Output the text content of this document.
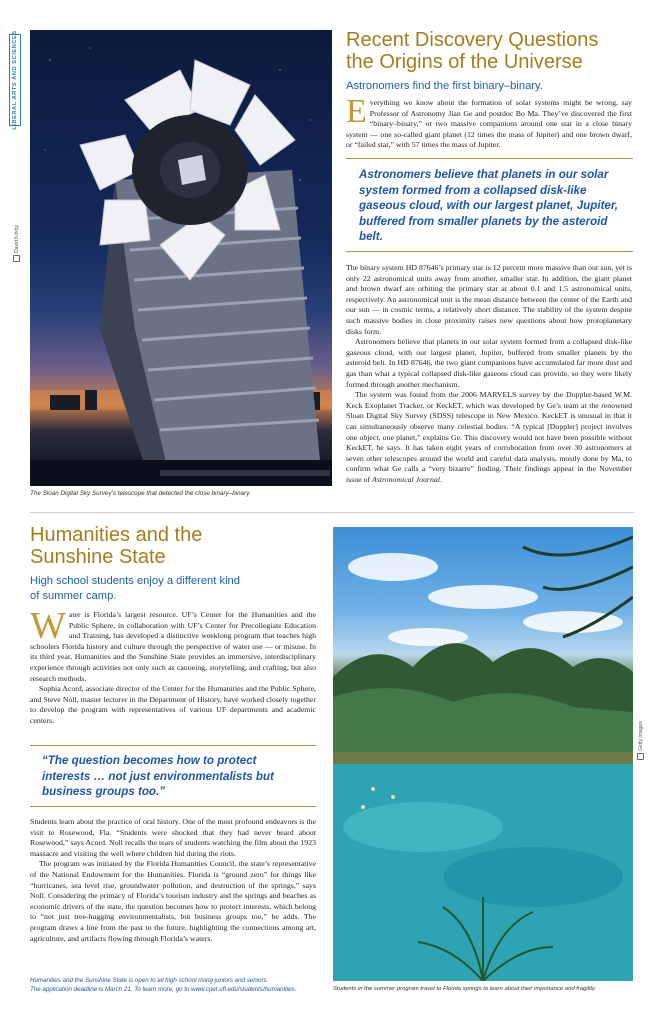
LIBERAL ARTS AND SCIENCES
David Kirkby
The Sloan Digital Sky Survey’s telescope that detected the close binary–binary.
Recent Discovery Questions
the Origins of the Universe
Astronomers find the first binary–binary.
Everything we know about the formation of solar systems might be wrong, say Professor of Astronomy Jian Ge and postdoc Bo Ma. They’ve discovered the first “binary–binary,” or two massive companions around one star in a close binary system — one so-called giant planet (12 times the mass of Jupiter) and one brown dwarf, or “failed star,” with 57 times the mass of Jupiter.
Astronomers believe that planets in our solar system formed from a collapsed disk-like gaseous cloud, with our largest planet, Jupiter, buffered from smaller planets by the asteroid belt.

The binary system HD 87646’s primary star is 12 percent more massive than our sun, yet is only 22 astronomical units away from another, smaller star. In addition, the giant planet and brown dwarf are orbiting the primary star at about 0.1 and 1.5 astronomical units, respectively. An astronomical unit is the mean distance between the center of the Earth and our sun — in cosmic terms, a relatively short distance. The stability of the system despite such massive bodies in close proximity raises new questions about how protoplanetary disks form.

Astronomers believe that planets in our solar system formed from a collapsed disk-like gaseous cloud, with our largest planet, Jupiter, buffered from smaller planets by the asteroid belt. In HD 87646, the two giant companions have accumulated far more dust and gas than what a typical collapsed disk-like gaseous cloud can provide, so they were likely formed through another mechanism.

The system was found from the 2006 MARVELS survey by the Doppler-based W.M. Keck Exoplanet Tracker, or KeckET, which was developed by Ge’s team at the renowned Sloan Digital Sky Survey (SDSS) telescope in New Mexico. KeckET is unusual in that it can simultaneously observe many celestial bodies. “A typical [Doppler] project involves one object, one planet,” explains Ge. This discovery would not have been possible without KeckET, he says. It has taken eight years of corroboration from over 30 astronomers at seven other telescopes around the world and careful data analysis, mostly done by Ma, to confirm what Ge calls a “very bizarre” finding. Their findings appear in the November issue of Astronomical Journal.

Humanities and the
Sunshine State
High school students enjoy a different kind
of summer camp.
Water is Florida’s largest resource. UF’s Center for the Humanities and the Public Sphere, in collaboration with UF’s Center for Precollegiate Education and Training, has developed a distinctive weeklong program that teaches high schoolers Florida history and culture through the perspective of water use — or misuse. In its third year, Humanities and the Sunshine State provides an immersive, interdisciplinary experience through activities not only such as canoeing, storytelling, and crafting, but also research methods.

Sophia Acord, associate director of the Center for the Humanities and the Public Sphere, and Steve Noll, master lecturer in the Department of History, have worked closely together to develop the program with representatives of various UF departments and academic centers.

“The question becomes how to protect interests … not just environmentalists but business groups too.”

Students learn about the practice of oral history. One of the most profound endeavors is the visit to Rosewood, Fla. “Students were shocked that they had never heard about Rosewood,” says Acord. Noll recalls the tears of students watching the film about the 1923 massacre and visiting the well where children hid during the riots.

The program was initiated by the Florida Humanities Council, the state’s representative of the National Endowment for the Humanities. Florida is “ground zero” for things like “hurricanes, sea level rise, groundwater pollution, and destruction of the springs,” says Noll. Considering the primacy of Florida’s tourism industry and the springs and beaches as economic drivers of the state, the question becomes how to protect interests, which belong to “not just tree-hugging environmentalists, but business groups too,” he adds. The program draws a line from the past to the future, highlighting the connections among art, agriculture, and artifacts flowing through Florida’s waters.

Humanities and the Sunshine State is open to all high school rising juniors and seniors.
The application deadline is March 21. To learn more, go to www.cpet.ufl.edu/students/humanities.
Getty Images
Students in the summer program travel to Florida springs to learn about their importance and fragility.
